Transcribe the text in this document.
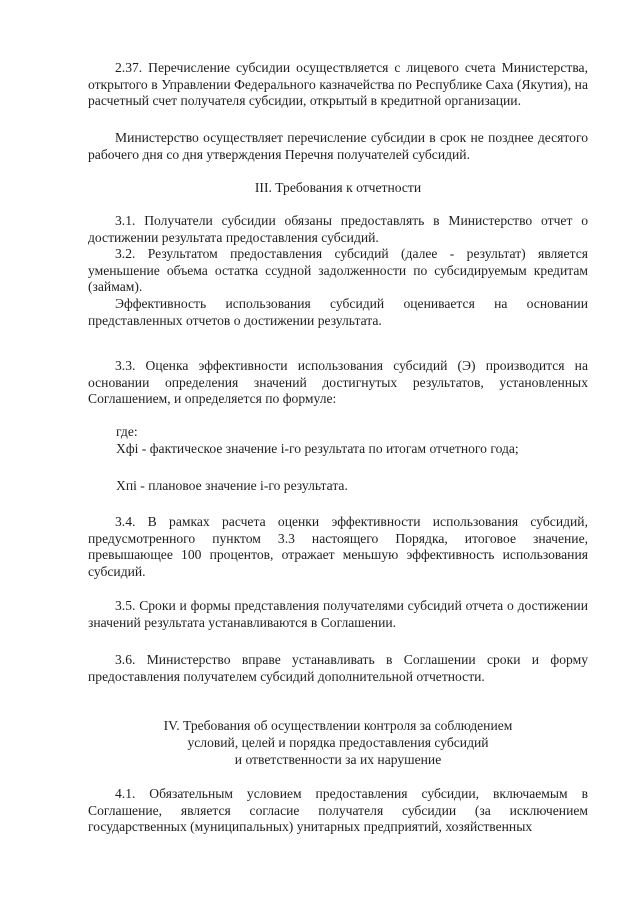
2.37. Перечисление субсидии осуществляется с лицевого счета Министерства, открытого в Управлении Федерального казначейства по Республике Саха (Якутия), на расчетный счет получателя субсидии, открытый в кредитной организации.

Министерство осуществляет перечисление субсидии в срок не позднее десятого рабочего дня со дня утверждения Перечня получателей субсидий.

III. Требования к отчетности

3.1. Получатели субсидии обязаны предоставлять в Министерство отчет о достижении результата предоставления субсидий.

3.2. Результатом предоставления субсидий (далее - результат) является уменьшение объема остатка ссудной задолженности по субсидируемым кредитам (займам).

Эффективность использования субсидий оценивается на основании представленных отчетов о достижении результата.

3.3. Оценка эффективности использования субсидий (Э) производится на основании определения значений достигнутых результатов, установленных Соглашением, и определяется по формуле:

где:

Хфi - фактическое значение i-го результата по итогам отчетного года;

Хпi - плановое значение i-го результата.

3.4. В рамках расчета оценки эффективности использования субсидий, предусмотренного пунктом 3.3 настоящего Порядка, итоговое значение, превышающее 100 процентов, отражает меньшую эффективность использования субсидий.

3.5. Сроки и формы представления получателями субсидий отчета о достижении значений результата устанавливаются в Соглашении.

3.6. Министерство вправе устанавливать в Соглашении сроки и форму предоставления получателем субсидий дополнительной отчетности.

IV. Требования об осуществлении контроля за соблюдением

условий, целей и порядка предоставления субсидий

и ответственности за их нарушение

4.1. Обязательным условием предоставления субсидии, включаемым в Соглашение, является согласие получателя субсидии (за исключением государственных (муниципальных) унитарных предприятий, хозяйственных
